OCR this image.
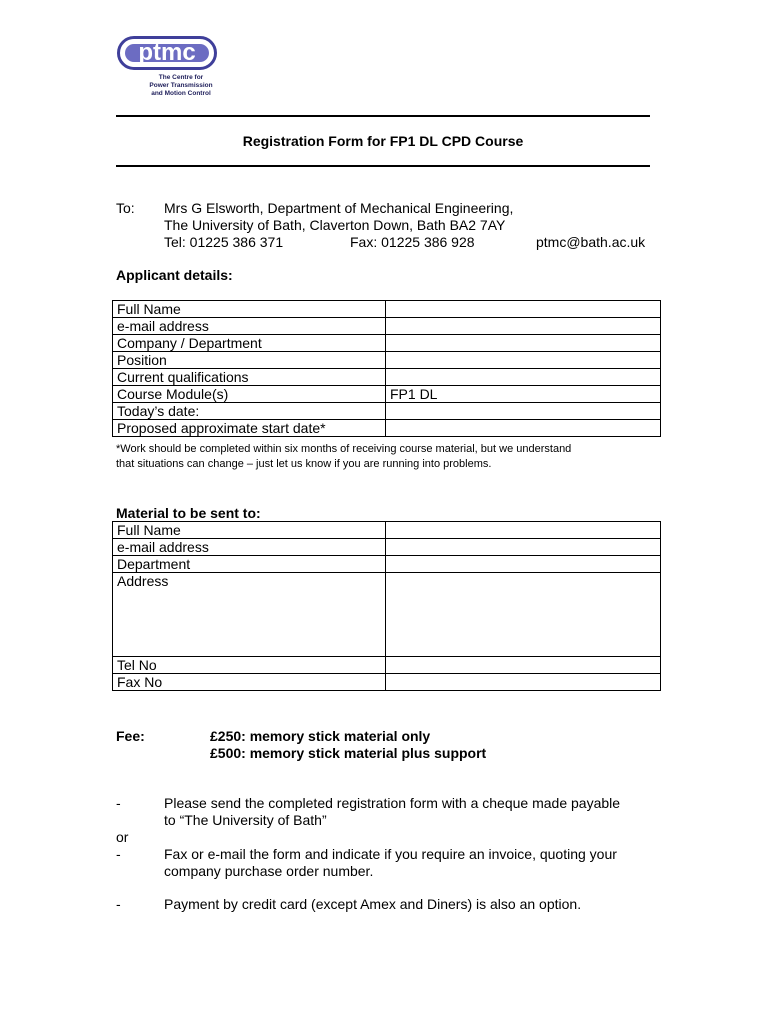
ptmc
The Centre for
Power Transmission
and Motion Control
Registration Form for FP1 DL CPD Course
To: Mrs G Elsworth, Department of Mechanical Engineering,
The University of Bath, Claverton Down, Bath BA2 7AY
Tel: 01225 386 371	Fax: 01225 386 928	ptmc@bath.ac.uk
Applicant details:
Full Name	
e-mail address	
Company / Department	
Position	
Current qualifications	
Course Module(s)	FP1 DL
Today’s date:	
Proposed approximate start date*	
*Work should be completed within six months of receiving course material, but we understand
that situations can change – just let us know if you are running into problems.
Material to be sent to:
Full Name	
e-mail address	
Department	
Address	
Tel No	
Fax No	
Fee:	£250: memory stick material only
£500: memory stick material plus support
-	Please send the completed registration form with a cheque made payable
to “The University of Bath”
or
-	Fax or e-mail the form and indicate if you require an invoice, quoting your
company purchase order number.
-	Payment by credit card (except Amex and Diners) is also an option.
